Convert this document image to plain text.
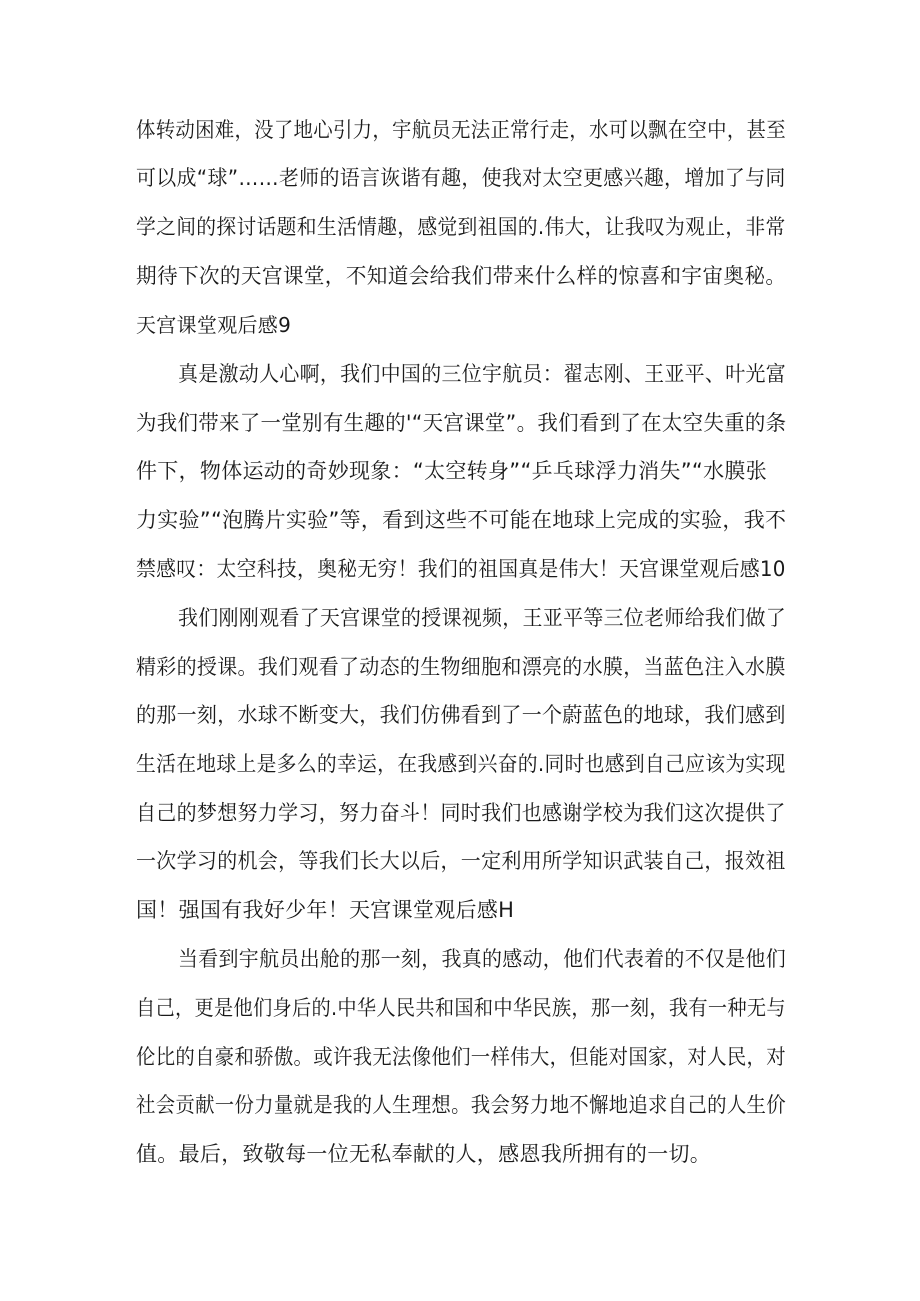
体转动困难，没了地心引力，宇航员无法正常行走，水可以飘在空中，甚至
可以成“球”……老师的语言诙谐有趣，使我对太空更感兴趣，增加了与同
学之间的探讨话题和生活情趣，感觉到祖国的.伟大，让我叹为观止，非常
期待下次的天宫课堂，不知道会给我们带来什么样的惊喜和宇宙奥秘。
天宫课堂观后感9
真是激动人心啊，我们中国的三位宇航员：翟志刚、王亚平、叶光富
为我们带来了一堂别有生趣的'“天宫课堂”。我们看到了在太空失重的条
件下，物体运动的奇妙现象：“太空转身”“乒乓球浮力消失”“水膜张
力实验”“泡腾片实验”等，看到这些不可能在地球上完成的实验，我不
禁感叹：太空科技，奥秘无穷！我们的祖国真是伟大！天宫课堂观后感10
我们刚刚观看了天宫课堂的授课视频，王亚平等三位老师给我们做了
精彩的授课。我们观看了动态的生物细胞和漂亮的水膜，当蓝色注入水膜
的那一刻，水球不断变大，我们仿佛看到了一个蔚蓝色的地球，我们感到
生活在地球上是多么的幸运，在我感到兴奋的.同时也感到自己应该为实现
自己的梦想努力学习，努力奋斗！同时我们也感谢学校为我们这次提供了
一次学习的机会，等我们长大以后，一定利用所学知识武装自己，报效祖
国！强国有我好少年！天宫课堂观后感H
当看到宇航员出舱的那一刻，我真的感动，他们代表着的不仅是他们
自己，更是他们身后的.中华人民共和国和中华民族，那一刻，我有一种无与
伦比的自豪和骄傲。或许我无法像他们一样伟大，但能对国家，对人民，对
社会贡献一份力量就是我的人生理想。我会努力地不懈地追求自己的人生价
值。最后，致敬每一位无私奉献的人，感恩我所拥有的一切。
